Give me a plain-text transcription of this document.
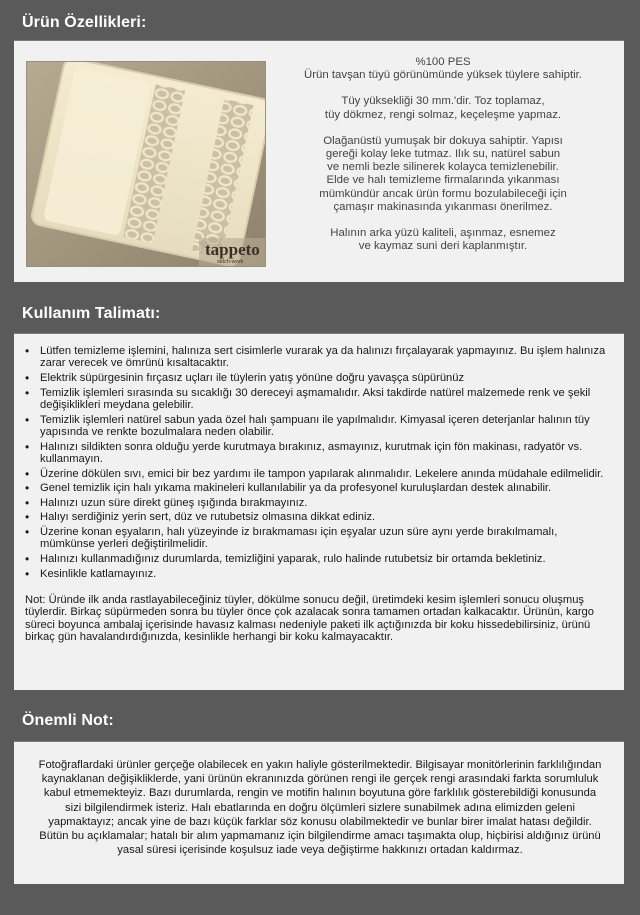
Ürün Özellikleri:
tappeto
stitch-work

%100 PES
Ürün tavşan tüyü görünümünde yüksek tüylere sahiptir.

Tüy yüksekliği 30 mm.'dir. Toz toplamaz,
tüy dökmez, rengi solmaz, keçeleşme yapmaz.

Olağanüstü yumuşak bir dokuya sahiptir. Yapısı
gereği kolay leke tutmaz. Ilık su, natürel sabun
ve nemli bezle silinerek kolayca temizlenebilir.
Elde ve halı temizleme firmalarında yıkanması
mümkündür ancak ürün formu bozulabileceği için
çamaşır makinasında yıkanması önerilmez.

Halının arka yüzü kaliteli, aşınmaz, esnemez
ve kaymaz suni deri kaplanmıştır.

Kullanım Talimatı:
• Lütfen temizleme işlemini, halınıza sert cisimlerle vurarak ya da halınızı fırçalayarak yapmayınız. Bu işlem halınıza zarar verecek ve ömrünü kısaltacaktır.
• Elektrik süpürgesinin fırçasız uçları ile tüylerin yatış yönüne doğru yavaşça süpürünüz
• Temizlik işlemleri sırasında su sıcaklığı 30 dereceyi aşmamalıdır. Aksi takdirde natürel malzemede renk ve şekil değişiklikleri meydana gelebilir.
• Temizlik işlemleri natürel sabun yada özel halı şampuanı ile yapılmalıdır. Kimyasal içeren deterjanlar halının tüy yapısında ve renkte bozulmalara neden olabilir.
• Halınızı sildikten sonra olduğu yerde kurutmaya bırakınız, asmayınız, kurutmak için fön makinası, radyatör vs. kullanmayın.
• Üzerine dökülen sıvı, emici bir bez yardımı ile tampon yapılarak alınmalıdır. Lekelere anında müdahale edilmelidir.
• Genel temizlik için halı yıkama makineleri kullanılabilir ya da profesyonel kuruluşlardan destek alınabilir.
• Halınızı uzun süre direkt güneş ışığında bırakmayınız.
• Halıyı serdiğiniz yerin sert, düz ve rutubetsiz olmasına dikkat ediniz.
• Üzerine konan eşyaların, halı yüzeyinde iz bırakmaması için eşyalar uzun süre aynı yerde bırakılmamalı, mümkünse yerleri değiştirilmelidir.
• Halınızı kullanmadığınız durumlarda, temizliğini yaparak, rulo halinde rutubetsiz bir ortamda bekletiniz.
• Kesinlikle katlamayınız.
Not: Üründe ilk anda rastlayabileceğiniz tüyler, dökülme sonucu değil, üretimdeki kesim işlemleri sonucu oluşmuş tüylerdir. Birkaç süpürmeden sonra bu tüyler önce çok azalacak sonra tamamen ortadan kalkacaktır. Ürünün, kargo süreci boyunca ambalaj içerisinde havasız kalması nedeniyle paketi ilk açtığınızda bir koku hissedebilirsiniz, ürünü birkaç gün havalandırdığınızda, kesinlikle herhangi bir koku kalmayacaktır.
Önemli Not:
Fotoğraflardaki ürünler gerçeğe olabilecek en yakın haliyle gösterilmektedir. Bilgisayar monitörlerinin farklılığından kaynaklanan değişikliklerde, yani ürünün ekranınızda görünen rengi ile gerçek rengi arasındaki farkta sorumluluk kabul etmemekteyiz. Bazı durumlarda, rengin ve motifin halının boyutuna göre farklılık gösterebildiği konusunda sizi bilgilendirmek isteriz. Halı ebatlarında en doğru ölçümleri sizlere sunabilmek adına elimizden geleni yapmaktayız; ancak yine de bazı küçük farklar söz konusu olabilmektedir ve bunlar birer imalat hatası değildir. Bütün bu açıklamalar; hatalı bir alım yapmamanız için bilgilendirme amacı taşımakta olup, hiçbirisi aldığınız ürünü yasal süresi içerisinde koşulsuz iade veya değiştirme hakkınızı ortadan kaldırmaz.
